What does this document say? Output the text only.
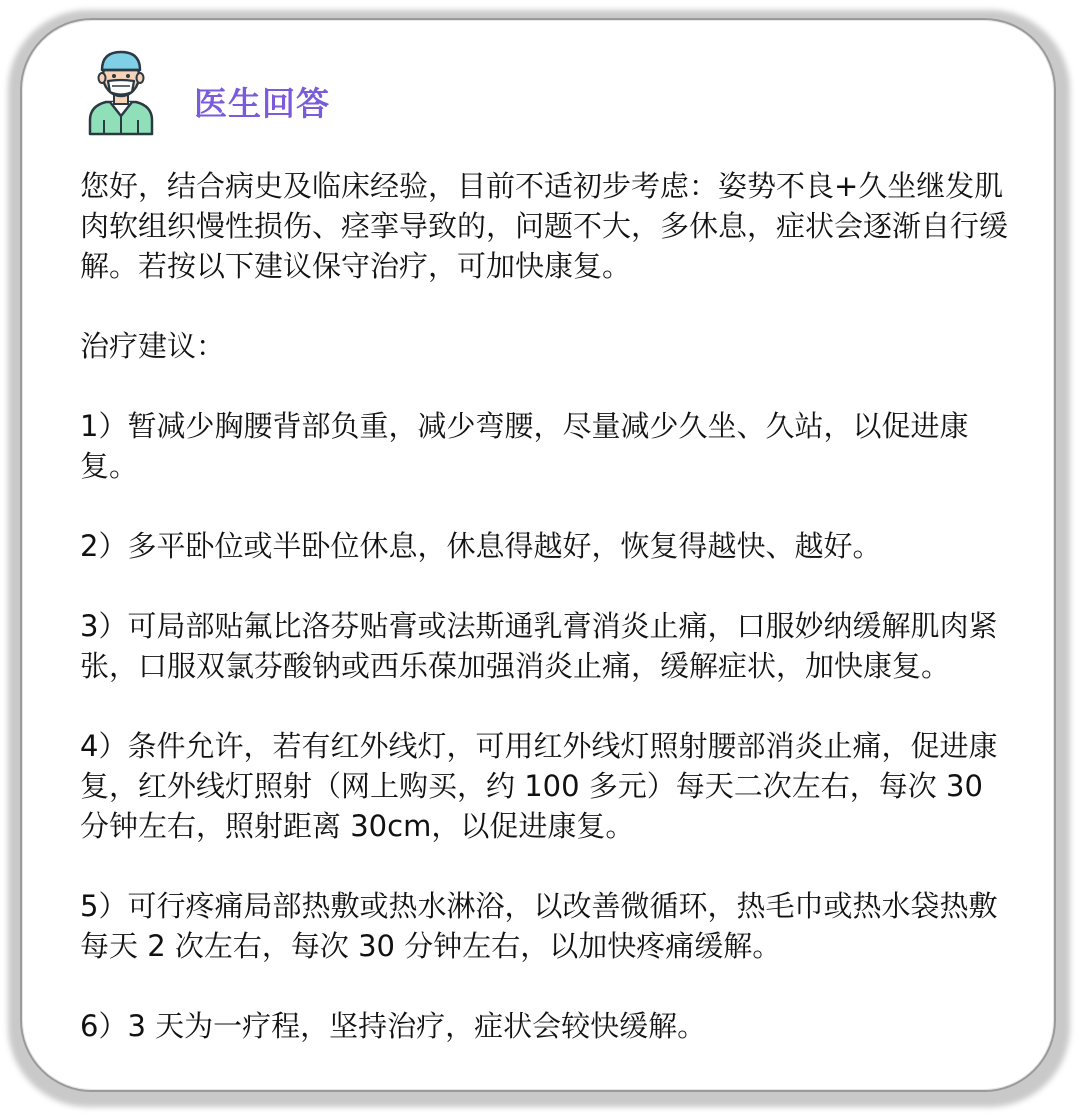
医生回答

您好，结合病史及临床经验，目前不适初步考虑：姿势不良+久坐继发肌肉软组织慢性损伤、痉挛导致的，问题不大，多休息，症状会逐渐自行缓解。若按以下建议保守治疗，可加快康复。

治疗建议：

1）暂减少胸腰背部负重，减少弯腰，尽量减少久坐、久站，以促进康复。

2）多平卧位或半卧位休息，休息得越好，恢复得越快、越好。

3）可局部贴氟比洛芬贴膏或法斯通乳膏消炎止痛，口服妙纳缓解肌肉紧张，口服双氯芬酸钠或西乐葆加强消炎止痛，缓解症状，加快康复。

4）条件允许，若有红外线灯，可用红外线灯照射腰部消炎止痛，促进康复，红外线灯照射（网上购买，约 100 多元）每天二次左右，每次 30 分钟左右，照射距离 30cm，以促进康复。

5）可行疼痛局部热敷或热水淋浴，以改善微循环，热毛巾或热水袋热敷每天 2 次左右，每次 30 分钟左右，以加快疼痛缓解。

6）3 天为一疗程，坚持治疗，症状会较快缓解。
